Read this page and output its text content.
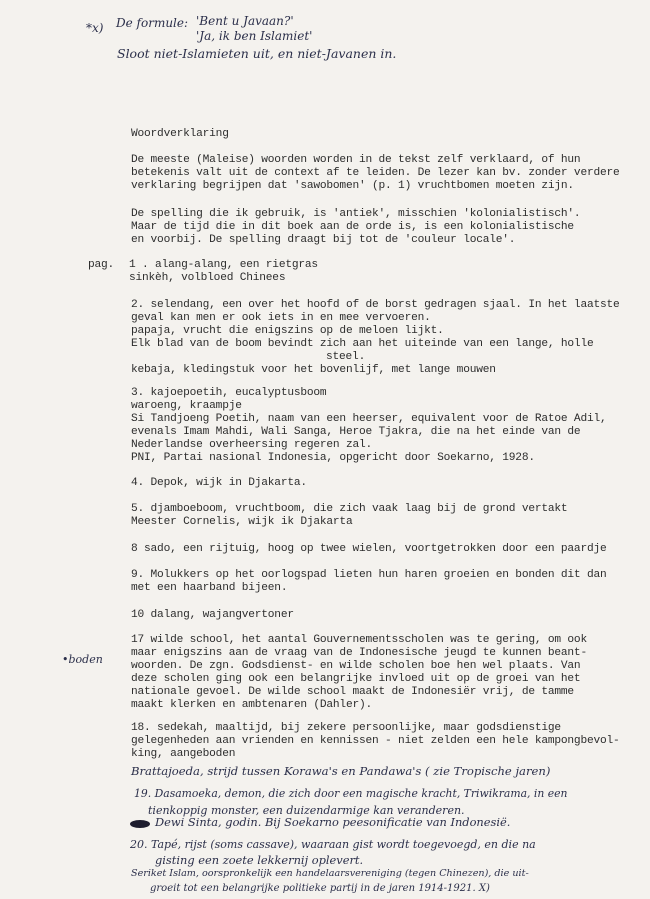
*x) De formule: 'Bent u Javaan?'
'Ja, ik ben Islamiet'
Sloot niet-Islamieten uit, en niet-Javanen in.
Woordverklaring
De meeste (Maleise) woorden worden in de tekst zelf verklaard, of hun
betekenis valt uit de context af te leiden. De lezer kan bv. zonder verdere
verklaring begrijpen dat 'sawobomen' (p. 1) vruchtbomen moeten zijn.
De spelling die ik gebruik, is 'antiek', misschien 'kolonialistisch'.
Maar de tijd die in dit boek aan de orde is, is een kolonialistische
en voorbij. De spelling draagt bij tot de 'couleur locale'.
pag. 1 . alang-alang, een rietgras
sinkèh, volbloed Chinees
2. selendang, een over het hoofd of de borst gedragen sjaal. In het laatste
geval kan men er ook iets in en mee vervoeren.
papaja, vrucht die enigszins op de meloen lijkt.
Elk blad van de boom bevindt zich aan het uiteinde van een lange, holle
steel.
kebaja, kledingstuk voor het bovenlijf, met lange mouwen
3. kajoepoetih, eucalyptusboom
waroeng, kraampje
Si Tandjoeng Poetih, naam van een heerser, equivalent voor de Ratoe Adil,
evenals Imam Mahdi, Wali Sanga, Heroe Tjakra, die na het einde van de
Nederlandse overheersing regeren zal.
PNI, Partai nasional Indonesia, opgericht door Soekarno, 1928.
4. Depok, wijk in Djakarta.
5. djamboeboom, vruchtboom, die zich vaak laag bij de grond vertakt
Meester Cornelis, wijk ik Djakarta
8 sado, een rijtuig, hoog op twee wielen, voortgetrokken door een paardje
9. Molukkers op het oorlogspad lieten hun haren groeien en bonden dit dan
met een haarband bijeen.
10 dalang, wajangvertoner
•boden
17 wilde school, het aantal Gouvernementsscholen was te gering, om ook
maar enigszins aan de vraag van de Indonesische jeugd te kunnen beant-
woorden. De zgn. Godsdienst- en wilde scholen boe hen wel plaats. Van
deze scholen ging ook een belangrijke invloed uit op de groei van het
nationale gevoel. De wilde school maakt de Indonesiër vrij, de tamme
maakt klerken en ambtenaren (Dahler).
18. sedekah, maaltijd, bij zekere persoonlijke, maar godsdienstige
gelegenheden aan vrienden en kennissen - niet zelden een hele kampongbevol-
king, aangeboden
Brattajoeda, strijd tussen Korawa's en Pandawa's ( zie Tropische jaren)
19. Dasamoeka, demon, die zich door een magische kracht, Triwikrama, in een
tienkoppig monster, een duizendarmige kan veranderen.
Dewi Sinta, godin. Bij Soekarno peesonificatie van Indonesië.
20. Tapé, rijst (soms cassave), waaraan gist wordt toegevoegd, en die na
gisting een zoete lekkernij oplevert.
Seriket Islam, oorspronkelijk een handelaarsvereniging (tegen Chinezen), die uit-
groeit tot een belangrijke politieke partij in de jaren 1914-1921. X)
